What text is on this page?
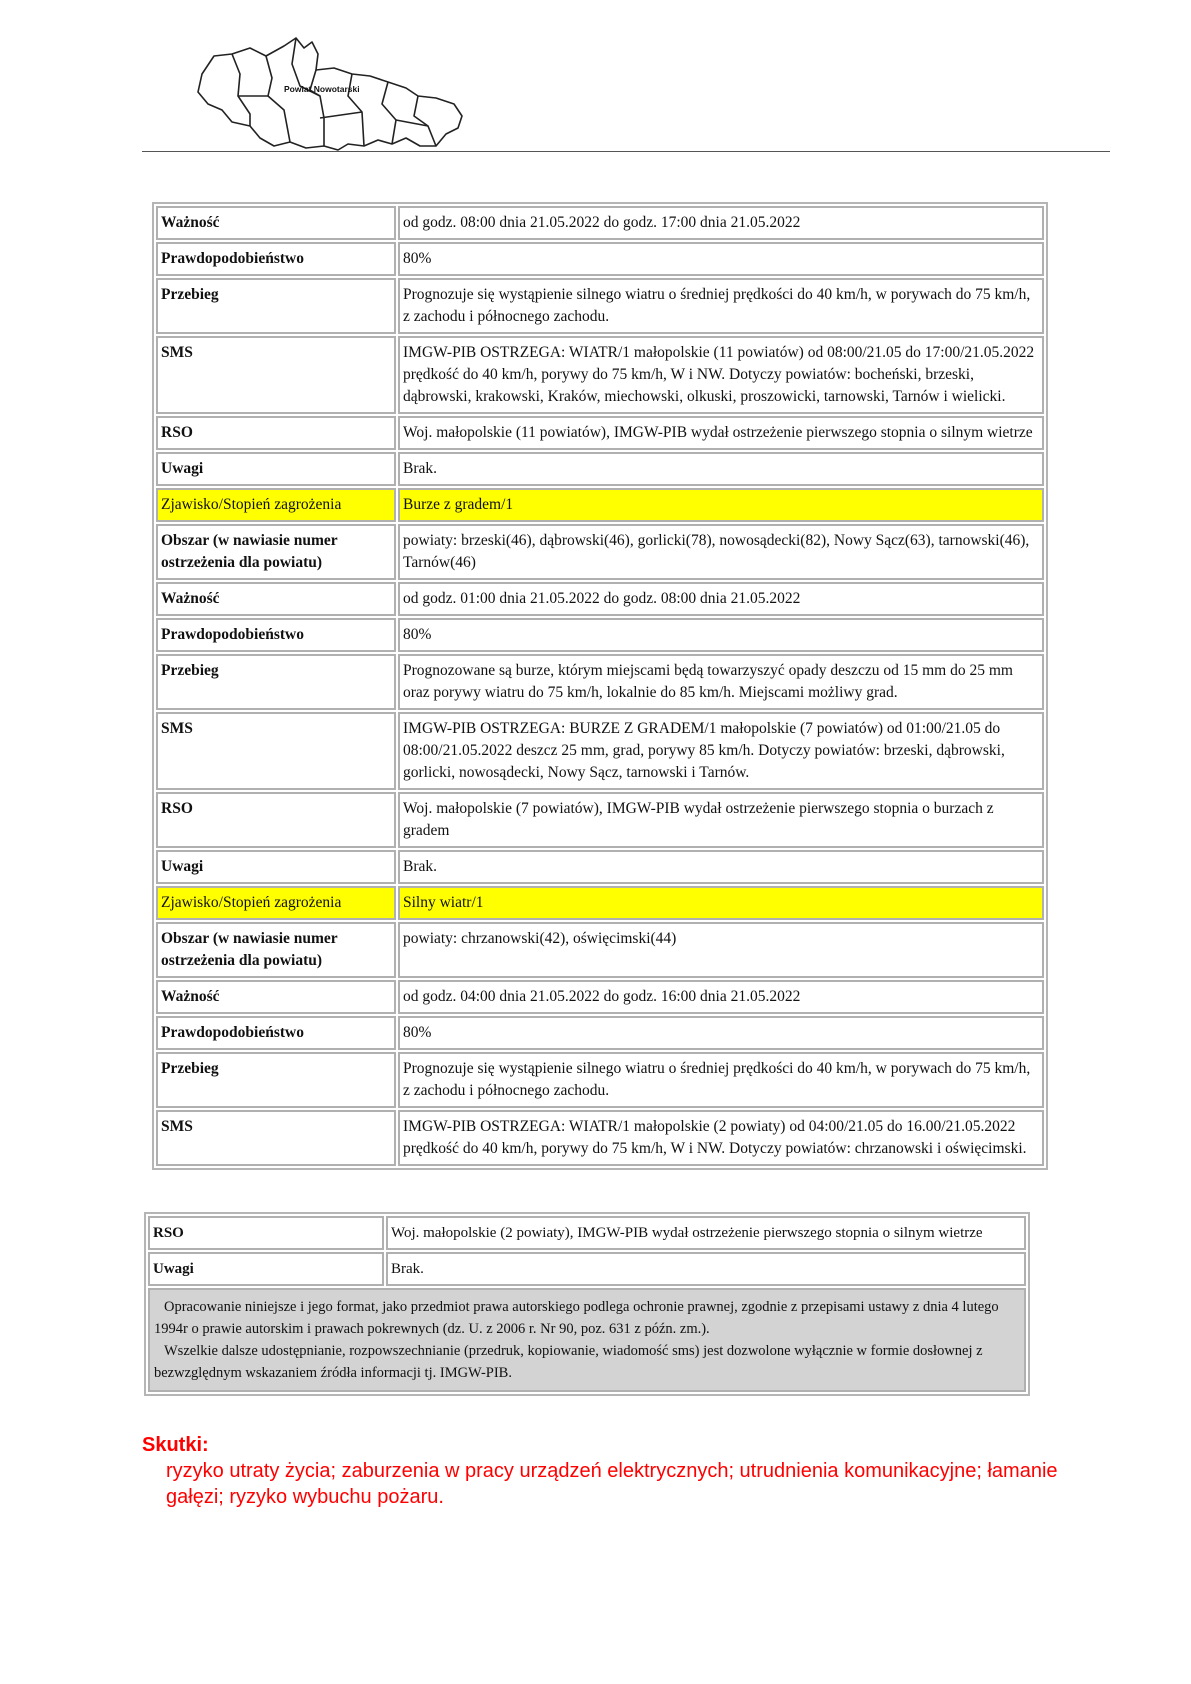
Powiat Nowotarski
Ważność	od godz. 08:00 dnia 21.05.2022 do godz. 17:00 dnia 21.05.2022
Prawdopodobieństwo	80%
Przebieg	Prognozuje się wystąpienie silnego wiatru o średniej prędkości do 40 km/h, w porywach do 75 km/h, z zachodu i północnego zachodu.
SMS	IMGW-PIB OSTRZEGA: WIATR/1 małopolskie (11 powiatów) od 08:00/21.05 do 17:00/21.05.2022 prędkość do 40 km/h, porywy do 75 km/h, W i NW. Dotyczy powiatów: bocheński, brzeski, dąbrowski, krakowski, Kraków, miechowski, olkuski, proszowicki, tarnowski, Tarnów i wielicki.
RSO	Woj. małopolskie (11 powiatów), IMGW-PIB wydał ostrzeżenie pierwszego stopnia o silnym wietrze
Uwagi	Brak.
Zjawisko/Stopień zagrożenia	Burze z gradem/1
Obszar (w nawiasie numer ostrzeżenia dla powiatu)	powiaty: brzeski(46), dąbrowski(46), gorlicki(78), nowosądecki(82), Nowy Sącz(63), tarnowski(46), Tarnów(46)
Ważność	od godz. 01:00 dnia 21.05.2022 do godz. 08:00 dnia 21.05.2022
Prawdopodobieństwo	80%
Przebieg	Prognozowane są burze, którym miejscami będą towarzyszyć opady deszczu od 15 mm do 25 mm oraz porywy wiatru do 75 km/h, lokalnie do 85 km/h. Miejscami możliwy grad.
SMS	IMGW-PIB OSTRZEGA: BURZE Z GRADEM/1 małopolskie (7 powiatów) od 01:00/21.05 do 08:00/21.05.2022 deszcz 25 mm, grad, porywy 85 km/h. Dotyczy powiatów: brzeski, dąbrowski, gorlicki, nowosądecki, Nowy Sącz, tarnowski i Tarnów.
RSO	Woj. małopolskie (7 powiatów), IMGW-PIB wydał ostrzeżenie pierwszego stopnia o burzach z gradem
Uwagi	Brak.
Zjawisko/Stopień zagrożenia	Silny wiatr/1
Obszar (w nawiasie numer ostrzeżenia dla powiatu)	powiaty: chrzanowski(42), oświęcimski(44)
Ważność	od godz. 04:00 dnia 21.05.2022 do godz. 16:00 dnia 21.05.2022
Prawdopodobieństwo	80%
Przebieg	Prognozuje się wystąpienie silnego wiatru o średniej prędkości do 40 km/h, w porywach do 75 km/h, z zachodu i północnego zachodu.
SMS	IMGW-PIB OSTRZEGA: WIATR/1 małopolskie (2 powiaty) od 04:00/21.05 do 16.00/21.05.2022 prędkość do 40 km/h, porywy do 75 km/h, W i NW. Dotyczy powiatów: chrzanowski i oświęcimski.
RSO	Woj. małopolskie (2 powiaty), IMGW-PIB wydał ostrzeżenie pierwszego stopnia o silnym wietrze
Uwagi	Brak.

Opracowanie niniejsze i jego format, jako przedmiot prawa autorskiego podlega ochronie prawnej, zgodnie z przepisami ustawy z dnia 4 lutego 1994r o prawie autorskim i prawach pokrewnych (dz. U. z 2006 r. Nr 90, poz. 631 z późn. zm.).

Wszelkie dalsze udostępnianie, rozpowszechnianie (przedruk, kopiowanie, wiadomość sms) jest dozwolone wyłącznie w formie dosłownej z bezwzględnym wskazaniem źródła informacji tj. IMGW-PIB.	

Skutki:
ryzyko utraty życia; zaburzenia w pracy urządzeń elektrycznych; utrudnienia komunikacyjne; łamanie gałęzi; ryzyko wybuchu pożaru.
